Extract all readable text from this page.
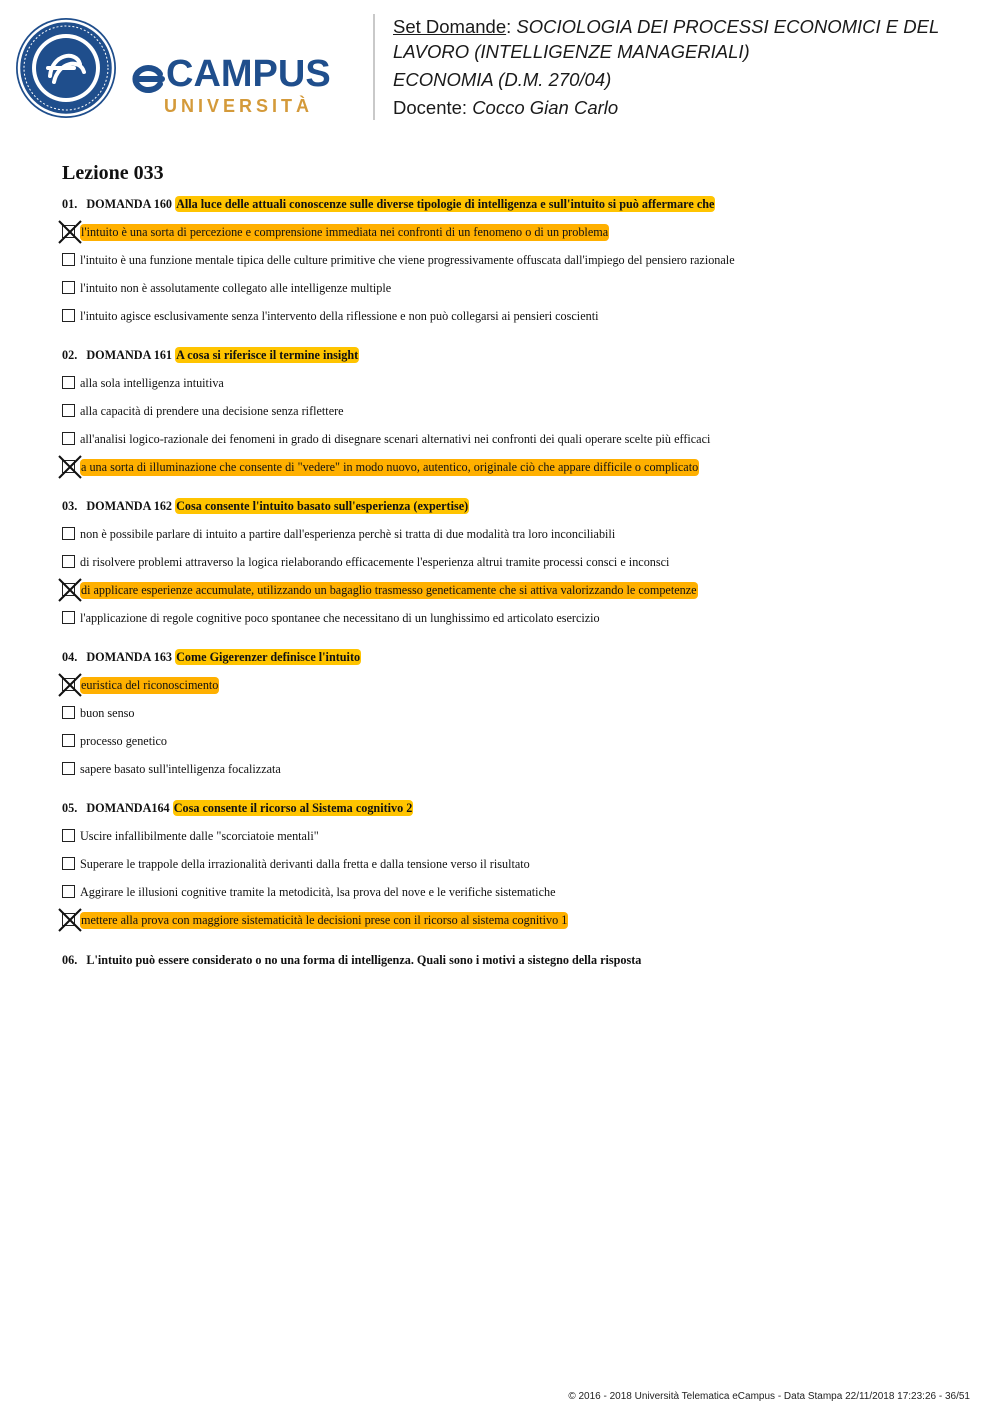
CAMPUS
UNIVERSITÀ
Set Domande: SOCIOLOGIA DEI PROCESSI ECONOMICI E DEL
LAVORO (INTELLIGENZE MANAGERIALI)
ECONOMIA (D.M. 270/04)
Docente: Cocco Gian Carlo
Lezione 033
01.   DOMANDA 160 Alla luce delle attuali conoscenze sulle diverse tipologie di intelligenza e sull'intuito si può affermare che
l'intuito è una sorta di percezione e comprensione immediata nei confronti di un fenomeno o di un problema
l'intuito è una funzione mentale tipica delle culture primitive che viene progressivamente offuscata dall'impiego del pensiero razionale
l'intuito non è assolutamente collegato alle intelligenze multiple
l'intuito agisce esclusivamente senza l'intervento della riflessione e non può collegarsi ai pensieri coscienti
02.   DOMANDA 161 A cosa si riferisce il termine insight
alla sola intelligenza intuitiva
alla capacità di prendere una decisione senza riflettere
all'analisi logico-razionale dei fenomeni in grado di disegnare scenari alternativi nei confronti dei quali operare scelte più efficaci
a una sorta di illuminazione che consente di "vedere" in modo nuovo, autentico, originale ciò che appare difficile o complicato
03.   DOMANDA 162 Cosa consente l'intuito basato sull'esperienza (expertise)
non è possibile parlare di intuito a partire dall'esperienza perchè si tratta di due modalità tra loro inconciliabili
di risolvere problemi attraverso la logica rielaborando efficacemente l'esperienza altrui tramite processi consci e inconsci
di applicare esperienze accumulate, utilizzando un bagaglio trasmesso geneticamente che si attiva valorizzando le competenze
l'applicazione di regole cognitive poco spontanee che necessitano di un lunghissimo ed articolato esercizio
04.   DOMANDA 163 Come Gigerenzer definisce l'intuito
euristica del riconoscimento
buon senso
processo genetico
sapere basato sull'intelligenza focalizzata
05.   DOMANDA164 Cosa consente il ricorso al Sistema cognitivo 2
Uscire infallibilmente dalle "scorciatoie mentali"
Superare le trappole della irrazionalità derivanti dalla fretta e dalla tensione verso il risultato
Aggirare le illusioni cognitive tramite la metodicità, lsa prova del nove e le verifiche sistematiche
mettere alla prova con maggiore sistematicità le decisioni prese con il ricorso al sistema cognitivo 1
06.   L'intuito può essere considerato o no una forma di intelligenza. Quali sono i motivi a sistegno della risposta
© 2016 - 2018 Università Telematica eCampus - Data Stampa 22/11/2018 17:23:26 - 36/51
